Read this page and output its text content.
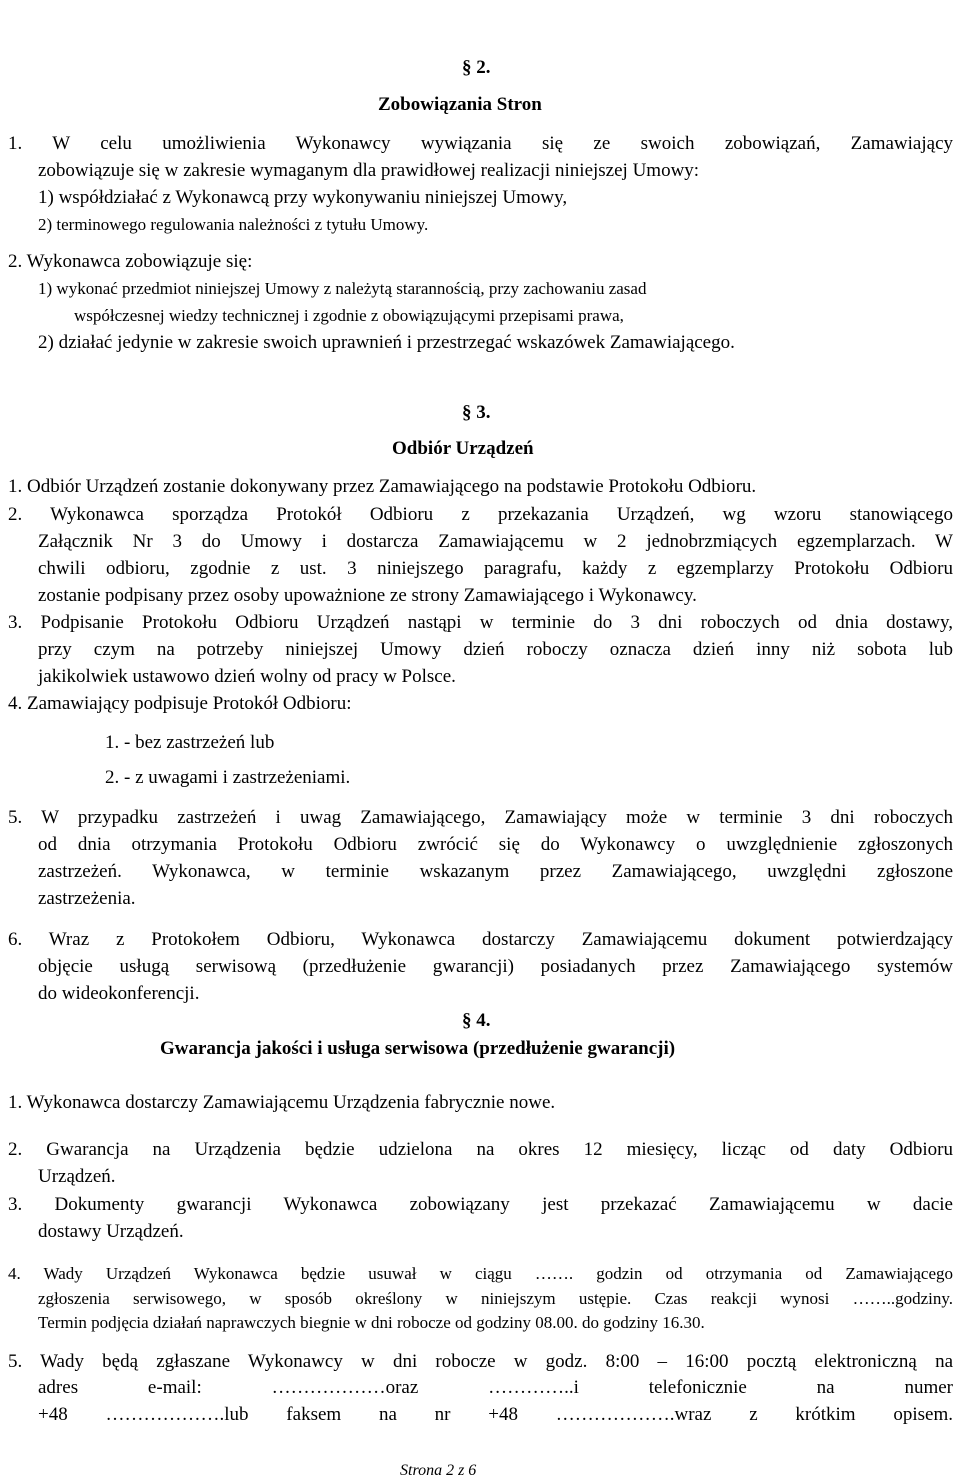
§ 2.
Zobowiązania Stron
1. W celu umożliwienia Wykonawcy wywiązania się ze swoich zobowiązań, Zamawiający
zobowiązuje się w zakresie wymaganym dla prawidłowej realizacji niniejszej Umowy:
1) współdziałać z Wykonawcą przy wykonywaniu niniejszej Umowy,
2) terminowego regulowania należności z tytułu Umowy.
2. Wykonawca zobowiązuje się:
1) wykonać przedmiot niniejszej Umowy z należytą starannością, przy zachowaniu zasad
współczesnej wiedzy technicznej i zgodnie z obowiązującymi przepisami prawa,
2) działać jedynie w zakresie swoich uprawnień i przestrzegać wskazówek Zamawiającego.
§ 3.
Odbiór Urządzeń
1. Odbiór Urządzeń zostanie dokonywany przez Zamawiającego na podstawie Protokołu Odbioru.
2. Wykonawca sporządza Protokół Odbioru z przekazania Urządzeń, wg wzoru stanowiącego
Załącznik Nr 3 do Umowy i dostarcza Zamawiającemu w 2 jednobrzmiących egzemplarzach. W
chwili odbioru, zgodnie z ust. 3 niniejszego paragrafu, każdy z egzemplarzy Protokołu Odbioru
zostanie podpisany przez osoby upoważnione ze strony Zamawiającego i Wykonawcy.
3. Podpisanie Protokołu Odbioru Urządzeń nastąpi w terminie do 3 dni roboczych od dnia dostawy,
przy czym na potrzeby niniejszej Umowy dzień roboczy oznacza dzień inny niż sobota lub
jakikolwiek ustawowo dzień wolny od pracy w Polsce.
4. Zamawiający podpisuje Protokół Odbioru:
1. - bez zastrzeżeń lub
2. - z uwagami i zastrzeżeniami.
5. W przypadku zastrzeżeń i uwag Zamawiającego, Zamawiający może w terminie 3 dni roboczych
od dnia otrzymania Protokołu Odbioru zwrócić się do Wykonawcy o uwzględnienie zgłoszonych
zastrzeżeń. Wykonawca, w terminie wskazanym przez Zamawiającego, uwzględni zgłoszone
zastrzeżenia.
6. Wraz z Protokołem Odbioru, Wykonawca dostarczy Zamawiającemu dokument potwierdzający
objęcie usługą serwisową (przedłużenie gwarancji) posiadanych przez Zamawiającego systemów
do wideokonferencji.
§ 4.
Gwarancja jakości i usługa serwisowa (przedłużenie gwarancji)
1. Wykonawca dostarczy Zamawiającemu Urządzenia fabrycznie nowe.
2. Gwarancja na Urządzenia będzie udzielona na okres 12 miesięcy, licząc od daty Odbioru
Urządzeń.
3. Dokumenty gwarancji Wykonawca zobowiązany jest przekazać Zamawiającemu w dacie
dostawy Urządzeń.
4. Wady Urządzeń Wykonawca będzie usuwał w ciągu ……. godzin od otrzymania od Zamawiającego
zgłoszenia serwisowego, w sposób określony w niniejszym ustępie. Czas reakcji wynosi ……..godziny.
Termin podjęcia działań naprawczych biegnie w dni robocze od godziny 08.00. do godziny 16.30.
5. Wady będą zgłaszane Wykonawcy w dni robocze w godz. 8:00 – 16:00 pocztą elektroniczną na
adres e-mail: ………………oraz …………..i telefonicznie na numer
+48 ……………….lub faksem na nr +48 ……………….wraz z krótkim opisem.
Strona 2 z 6
